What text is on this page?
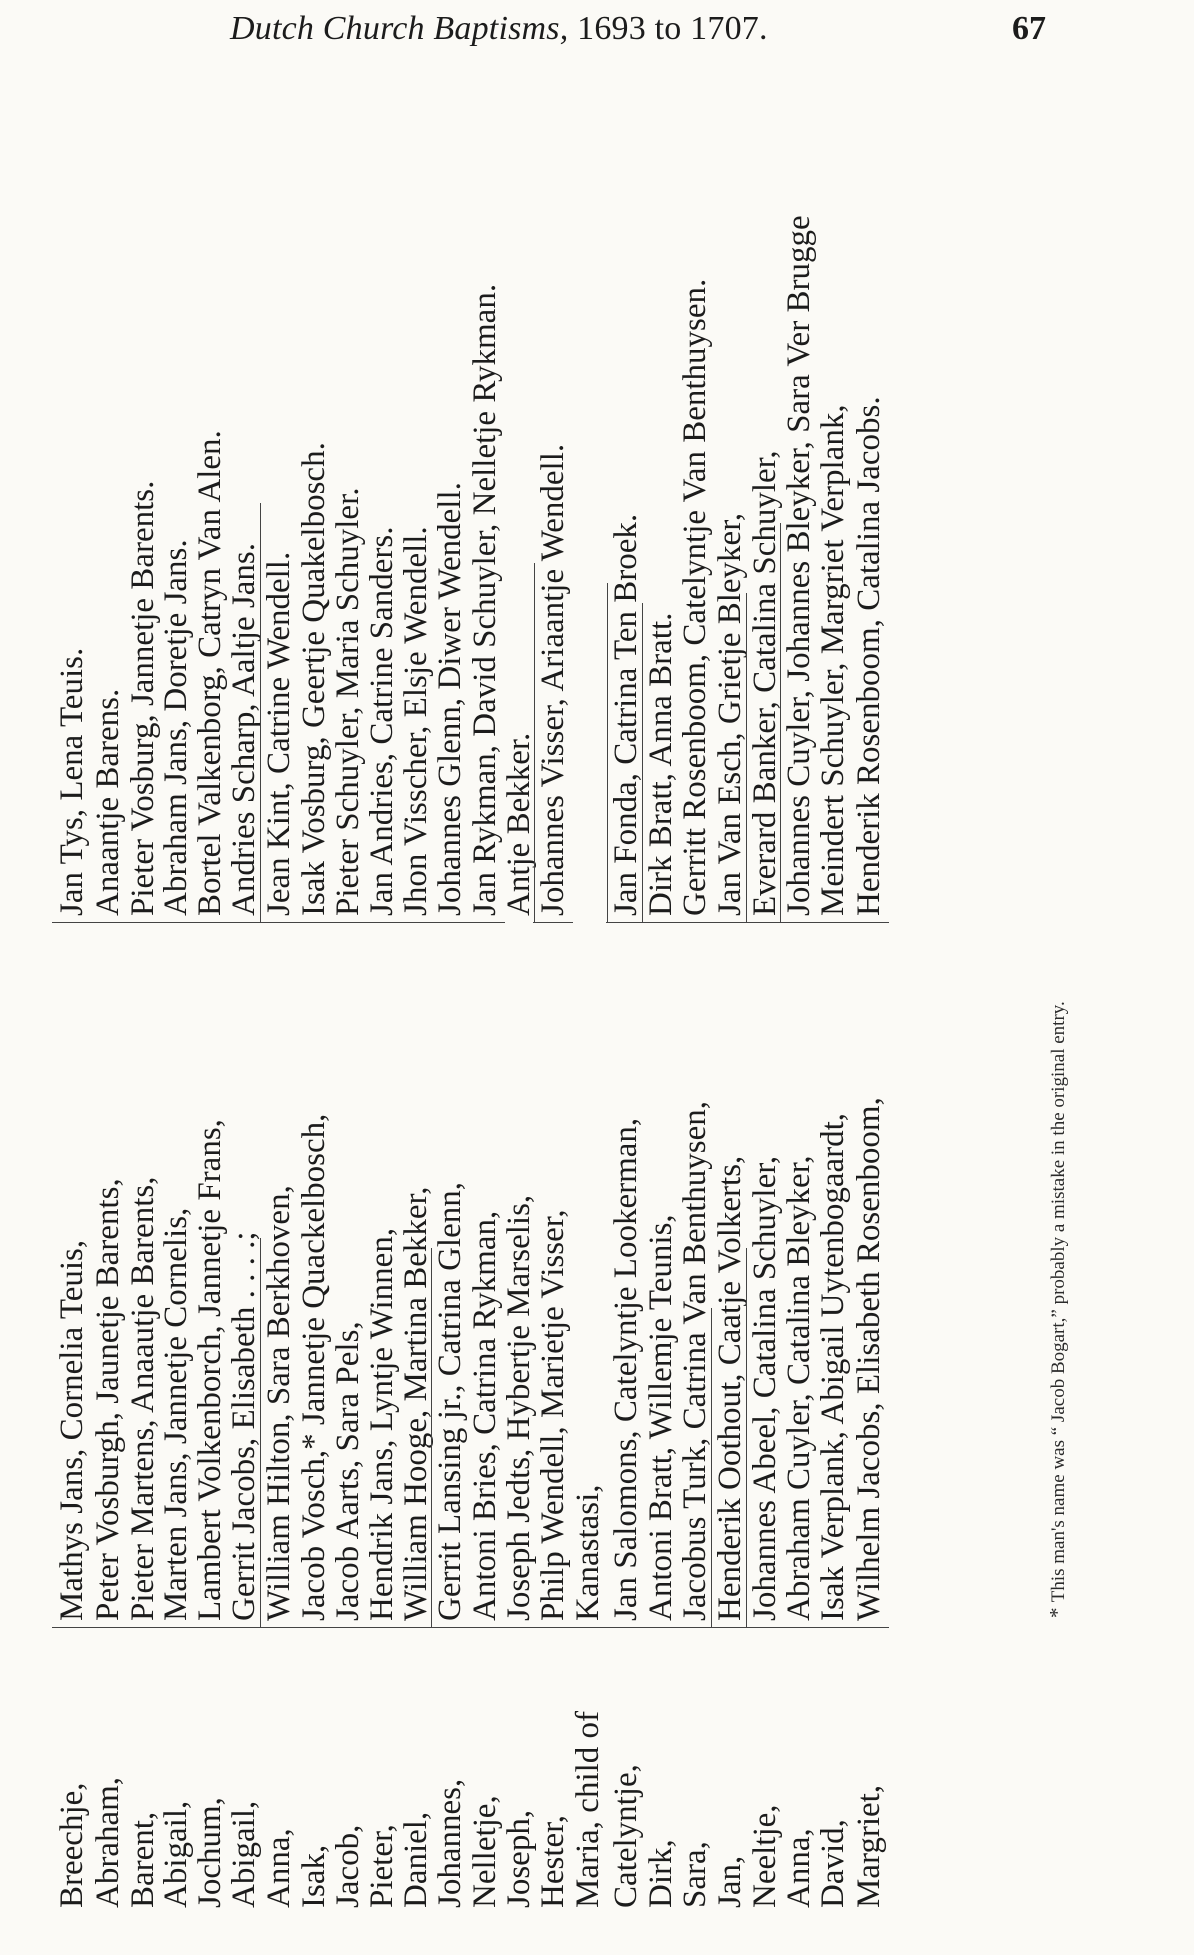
Dutch Church Baptisms, 1693 to 1707.	67
* This man's name was “ Jacob Bogart,” probably a mistake in the original entry.
Breechje,
Mathys Jans, Cornelia Teuis,
Jan Tys, Lena Teuis.
Abraham,
Peter Vosburgh, Jaunetje Barents,
Anaantje Barens.
Barent,
Pieter Martens, Anaautje Barents,
Pieter Vosburg, Jannetje Barents.
Abigail,
Marten Jans, Jannetje Cornelis,
Abraham Jans, Doretje Jans.
Jochum,
Lambert Volkenborch, Jannetje Frans,
Bortel Valkenborg, Catryn Van Alen.
Abigail,
Gerrit Jacobs, Elisabeth . . . .;
Andries Scharp, Aaltje Jans.
Anna,
William Hilton, Sara Berkhoven,
Jean Kint, Catrine Wendell.
Isak,
Jacob Vosch,* Jannetje Quackelbosch,
Isak Vosburg, Geertje Quakelbosch.
Jacob,
Jacob Aarts, Sara Pels,
Pieter Schuyler, Maria Schuyler.
Pieter,
Hendrik Jans, Lyntje Winnen,
Jan Andries, Catrine Sanders.
Daniel,
William Hooge, Martina Bekker,
Jhon Visscher, Elsje Wendell.
Johannes,
Gerrit Lansing jr., Catrina Glenn,
Johannes Glenn, Diwer Wendell.
Nelletje,
Antoni Bries, Catrina Rykman,
Jan Rykman, David Schuyler, Nelletje Rykman.
Joseph,
Joseph Jedts, Hybertje Marselis,
Antje Bekker.
Hester,
Philp Wendell, Marietje Visser,
Johannes Visser, Ariaantje Wendell.
Maria, child of
Kanastasi,
Catelyntje,
Jan Salomons, Catelyntje Lookerman,
Jan Fonda, Catrina Ten Broek.
Dirk,
Antoni Bratt, Willemje Teunis,
Dirk Bratt, Anna Bratt.
Sara,
Jacobus Turk, Catrina Van Benthuysen,
Gerritt Rosenboom, Catelyntje Van Benthuysen.
Jan,
Henderik Oothout, Caatje Volkerts,
Jan Van Esch, Grietje Bleyker,
Neeltje,
Johannes Abeel, Catalina Schuyler,
Everard Banker, Catalina Schuyler,
Anna,
Abraham Cuyler, Catalina Bleyker,
Johannes Cuyler, Johannes Bleyker, Sara Ver Brugge
David,
Isak Verplank, Abigail Uytenbogaardt,
Meindert Schuyler, Margriet Verplank,
Margriet,
Wilhelm Jacobs, Elisabeth Rosenboom,
Henderik Rosenboom, Catalina Jacobs.
